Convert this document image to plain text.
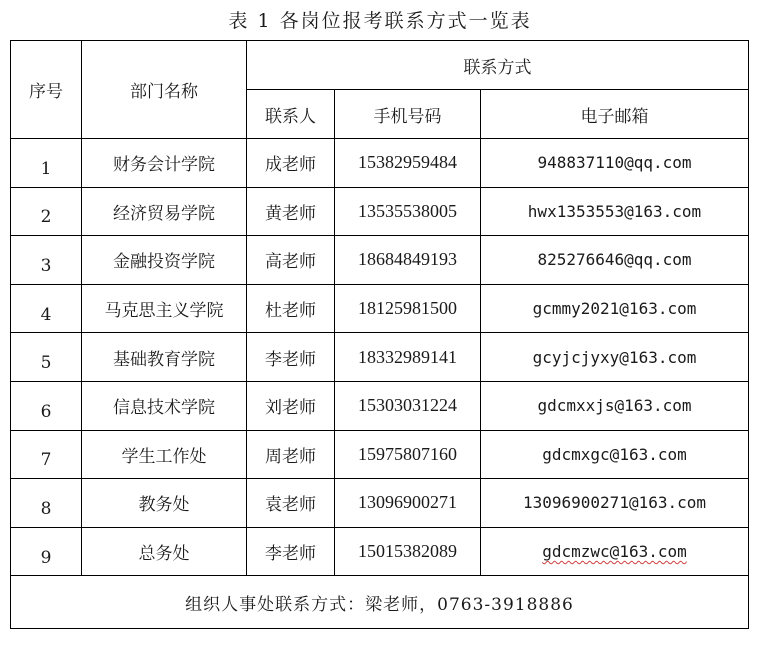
表 1 各岗位报考联系方式一览表
序号	部门名称	联系方式		
		联系人	手机号码	电子邮箱
1	财务会计学院	成老师	15382959484	948837110@qq.com
2	经济贸易学院	黄老师	13535538005	hwx1353553@163.com
3	金融投资学院	高老师	18684849193	825276646@qq.com
4	马克思主义学院	杜老师	18125981500	gcmmy2021@163.com
5	基础教育学院	李老师	18332989141	gcyjcjyxy@163.com
6	信息技术学院	刘老师	15303031224	gdcmxxjs@163.com
7	学生工作处	周老师	15975807160	gdcmxgc@163.com
8	教务处	袁老师	13096900271	13096900271@163.com
9	总务处	李老师	15015382089	gdcmzwc@163.com
组织人事处联系方式：梁老师，0763-3918886				
